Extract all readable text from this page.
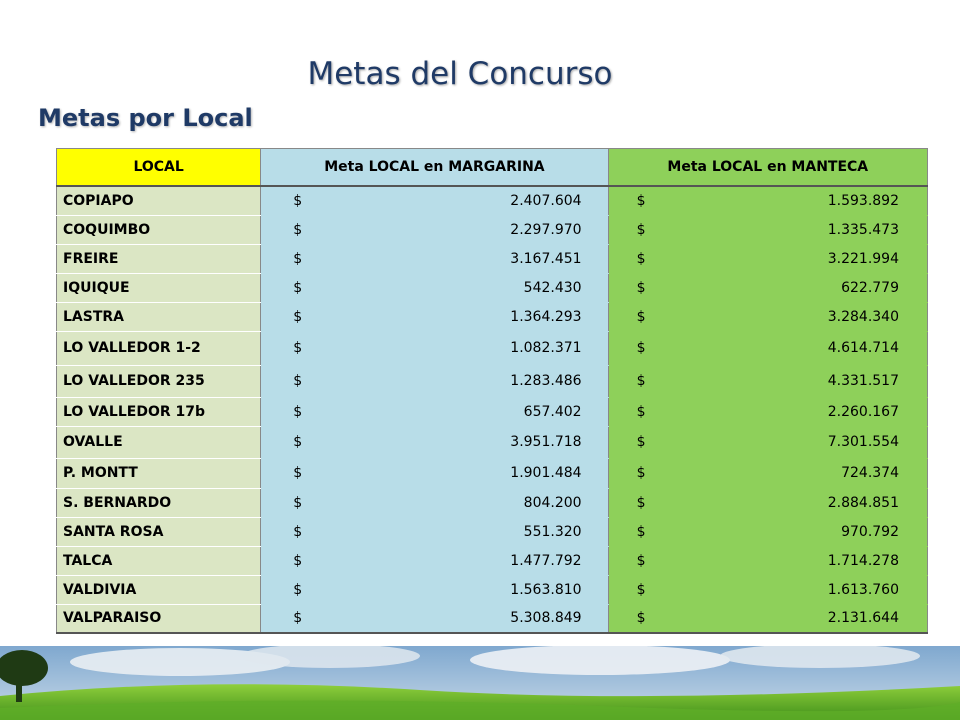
Metas del Concurso
Metas por Local
LOCAL	Meta LOCAL en MARGARINA	Meta LOCAL en MANTECA
COPIAPO	$ 2.407.604	$ 1.593.892

COQUIMBO	$ 2.297.970	$ 1.335.473

FREIRE	$ 3.167.451	$ 3.221.994

IQUIQUE	$ 542.430	$ 622.779

LASTRA	$ 1.364.293	$ 3.284.340

LO VALLEDOR 1-2	$ 1.082.371	$ 4.614.714

LO VALLEDOR 235	$ 1.283.486	$ 4.331.517

LO VALLEDOR 17b	$ 657.402	$ 2.260.167

OVALLE	$ 3.951.718	$ 7.301.554

P. MONTT	$ 1.901.484	$ 724.374

S. BERNARDO	$ 804.200	$ 2.884.851

SANTA ROSA	$ 551.320	$ 970.792

TALCA	$ 1.477.792	$ 1.714.278

VALDIVIA	$ 1.563.810	$ 1.613.760

VALPARAISO	$ 5.308.849	$ 2.131.644
